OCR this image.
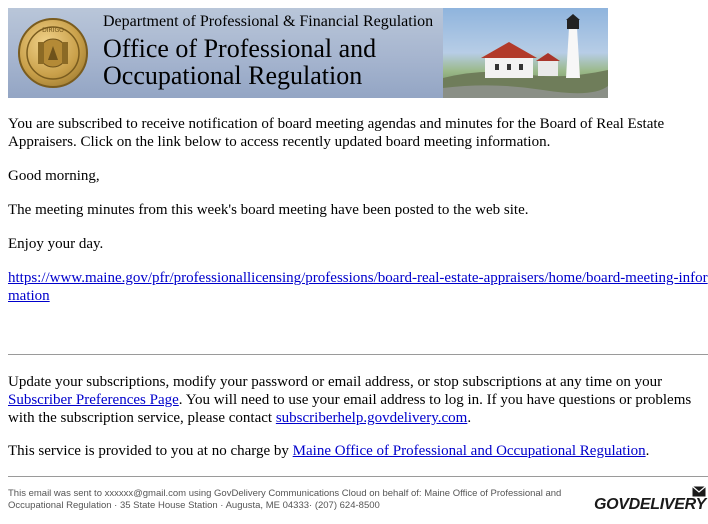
DIRIGO
Department of Professional & Financial Regulation
Office of Professional and
Occupational Regulation
You are subscribed to receive notification of board meeting agendas and minutes for the Board of Real Estate Appraisers. Click on the link below to access recently updated board meeting information.
Good morning,
The meeting minutes from this week's board meeting have been posted to the web site.
Enjoy your day.
https://www.maine.gov/pfr/professionallicensing/professions/board-real-estate-appraisers/home/board-meeting-information
Update your subscriptions, modify your password or email address, or stop subscriptions at any time on your Subscriber Preferences Page. You will need to use your email address to log in. If you have questions or problems with the subscription service, please contact subscriberhelp.govdelivery.com.
This service is provided to you at no charge by Maine Office of Professional and Occupational Regulation.
This email was sent to xxxxxx@gmail.com using GovDelivery Communications Cloud on behalf of: Maine Office of Professional and Occupational Regulation · 35 State House Station · Augusta, ME 04333· (207) 624-8500	GOVDELIVERY
